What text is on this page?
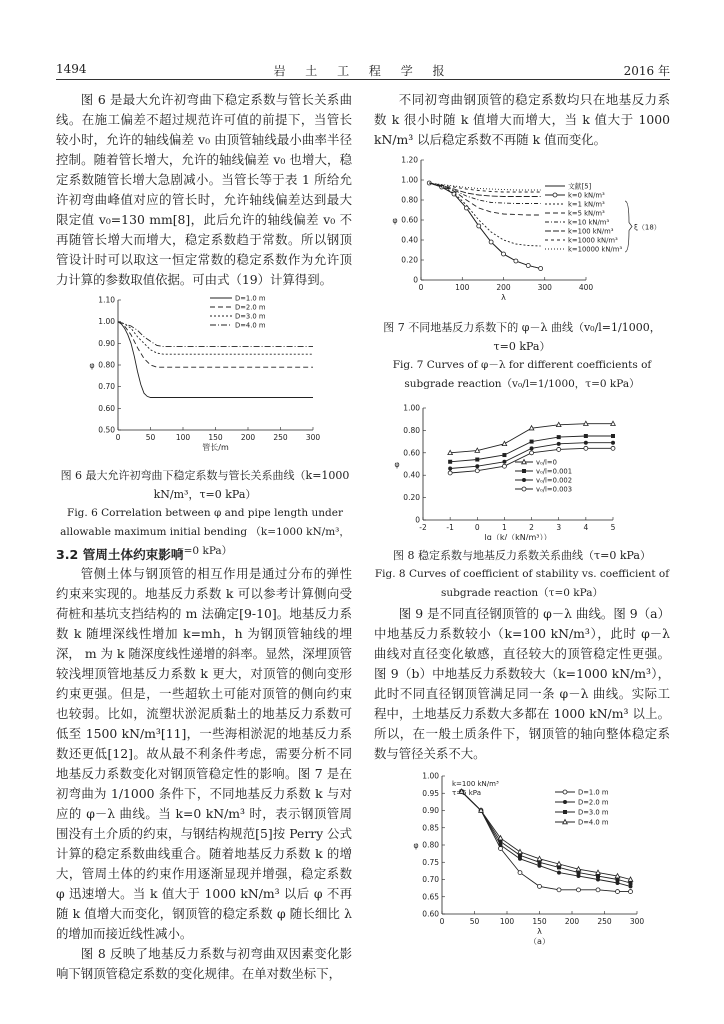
1494	岩 土 工 程 学 报	2016 年

图 6 是最大允许初弯曲下稳定系数与管长关系曲线。在施工偏差不超过规范许可值的前提下，当管长较小时，允许的轴线偏差 v₀ 由顶管轴线最小曲率半径控制。随着管长增大，允许的轴线偏差 v₀ 也增大，稳定系数随管长增大急剧减小。当管长等于表 1 所给允许初弯曲峰值对应的管长时，允许轴线偏差达到最大限定值 v₀=130 mm[8]，此后允许的轴线偏差 v₀ 不再随管长增大而增大，稳定系数趋于常数。所以钢顶管设计时可以取这一恒定常数的稳定系数作为允许顶力计算的参数取值依据。可由式（19）计算得到。

0	50	100 150 200 250 300
0.50
0.60
0.70
0.80
0.90
1.00
1.10
管长/m
φ
D=1.0 m
D=2.0 m
D=3.0 m
D=4.0 m
图 6 最大允许初弯曲下稳定系数与管长关系曲线（k=1000 kN/m³，τ=0 kPa）
Fig. 6 Correlation between φ and pipe length under allowable maximum initial bending （k=1000 kN/m³，τ=0 kPa）
3.2 管周土体约束影响

管侧土体与钢顶管的相互作用是通过分布的弹性约束来实现的。地基反力系数 k 可以参考计算侧向受荷桩和基坑支挡结构的 m 法确定[9-10]。地基反力系数 k 随埋深线性增加 k=mh，h 为钢顶管轴线的埋深， m 为 k 随深度线性递增的斜率。显然，深埋顶管较浅埋顶管地基反力系数 k 更大，对顶管的侧向变形约束更强。但是，一些超软土可能对顶管的侧向约束也较弱。比如，流塑状淤泥质黏土的地基反力系数可低至 1500 kN/m³[11]，一些海相淤泥的地基反力系数还更低[12]。故从最不利条件考虑，需要分析不同地基反力系数变化对钢顶管稳定性的影响。图 7 是在初弯曲为 1/1000 条件下，不同地基反力系数 k 与对应的 φ－λ 曲线。当 k=0 kN/m³ 时，表示钢顶管周围没有土介质的约束，与钢结构规范[5]按 Perry 公式计算的稳定系数曲线重合。随着地基反力系数 k 的增大，管周土体的约束作用逐渐显现并增强，稳定系数 φ 迅速增大。当 k 值大于 1000 kN/m³ 以后 φ 不再随 k 值增大而变化，钢顶管的稳定系数 φ 随长细比 λ 的增加而接近线性减小。

图 8 反映了地基反力系数与初弯曲双因素变化影响下钢顶管稳定系数的变化规律。在单对数坐标下，

不同初弯曲钢顶管的稳定系数均只在地基反力系数 k 很小时随 k 值增大而增大，当 k 值大于 1000 kN/m³ 以后稳定系数不再随 k 值而变化。

0	100	200	300	400
0
0.20
0.40
0.60
0.80
1.00
1.20
λ
φ
文献[5]
k=0 kN/m³
k=1 kN/m³
k=5 kN/m³
k=10 kN/m³
k=100 kN/m³
k=1000 kN/m³
k=10000 kN/m³
ξ（18）
图 7 不同地基反力系数下的 φ－λ 曲线（v₀/l=1/1000，τ=0 kPa）
Fig. 7 Curves of φ－λ for different coefficients of subgrade reaction（v₀/l=1/1000，τ=0 kPa）
-2	-1	0	1	2	3	4	5
0
0.20
0.40
0.60
0.80
1.00
lg（k/（kN/m³））
φ	v₀/l=0
v₀/l=0.001
v₀/l=0.002
v₀/l=0.003
图 8 稳定系数与地基反力系数关系曲线（τ=0 kPa）
Fig. 8 Curves of coefficient of stability vs. coefficient of subgrade reaction（τ=0 kPa）

图 9 是不同直径钢顶管的 φ－λ 曲线。图 9（a）中地基反力系数较小（k=100 kN/m³），此时 φ－λ 曲线对直径变化敏感，直径较大的顶管稳定性更强。图 9（b）中地基反力系数较大（k=1000 kN/m³），此时不同直径钢顶管满足同一条 φ－λ 曲线。实际工程中，土地基反力系数大多都在 1000 kN/m³ 以上。所以，在一般土质条件下，钢顶管的轴向整体稳定系数与管径关系不大。

0	50	100 150 200 250 300
0.60
0.65
0.70
0.75
0.80
0.85
0.90
0.95
1.00
λ
φ
（a）
D=1.0 m
D=2.0 m
D=3.0 m
D=4.0 m
k=100 kN/m³
τ=5 kPa
